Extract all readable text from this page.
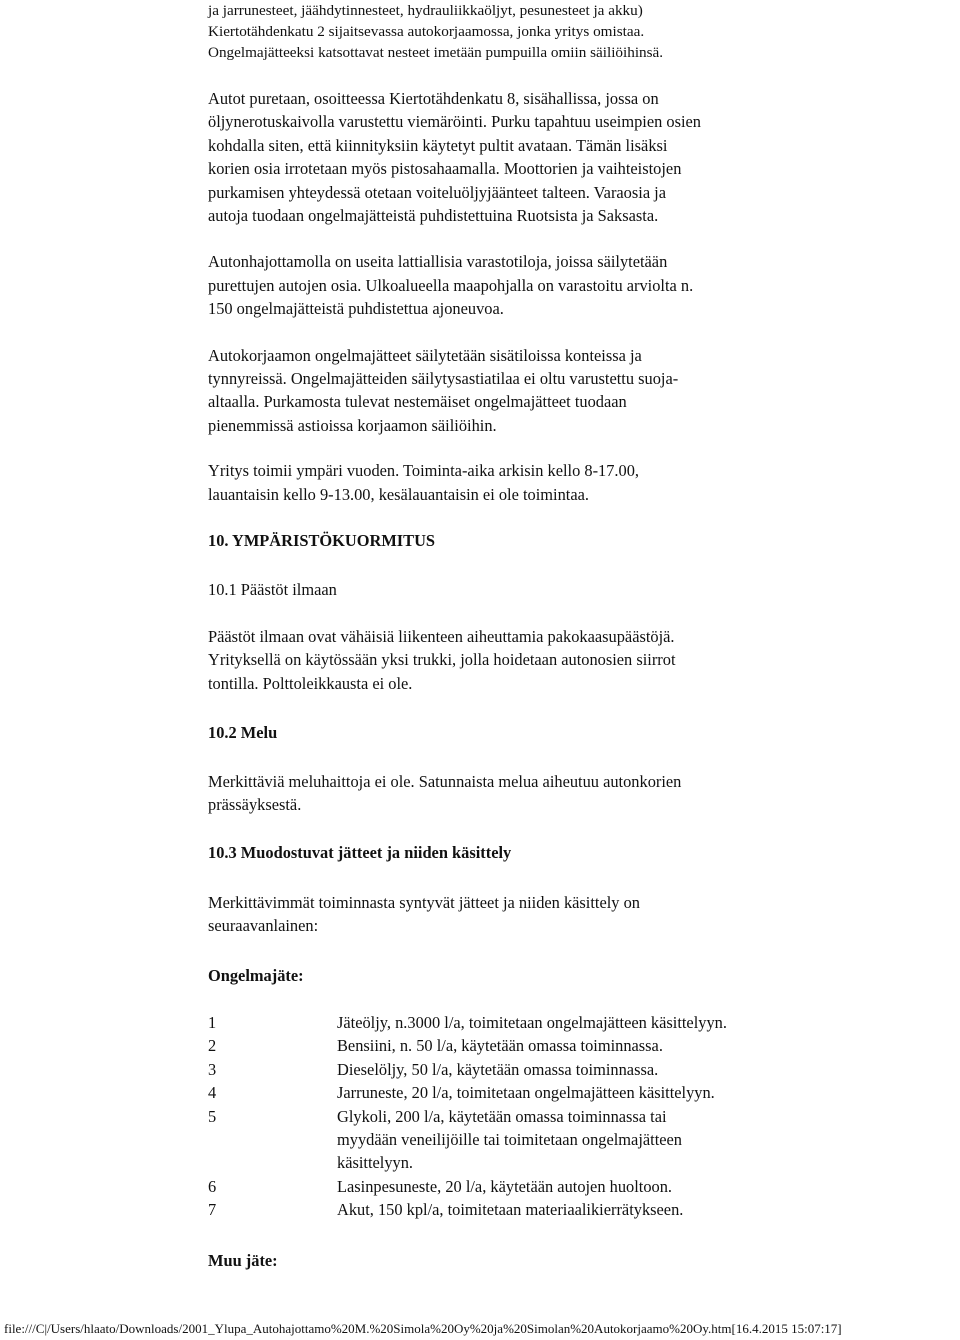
ja jarrunesteet, jäähdytinnesteet, hydrauliikkaöljyt, pesunesteet ja akku)
Kiertotähdenkatu 2 sijaitsevassa autokorjaamossa, jonka yritys omistaa.
Ongelmajätteeksi katsottavat nesteet imetään pumpuilla omiin säiliöihinsä.

Autot puretaan, osoitteessa Kiertotähdenkatu 8, sisähallissa, jossa on
öljynerotuskaivolla varustettu viemäröinti. Purku tapahtuu useimpien osien
kohdalla siten, että kiinnityksiin käytetyt pultit avataan. Tämän lisäksi
korien osia irrotetaan myös pistosahaamalla. Moottorien ja vaihteistojen
purkamisen yhteydessä otetaan voiteluöljyjäänteet talteen. Varaosia ja
autoja tuodaan ongelmajätteistä puhdistettuina Ruotsista ja Saksasta.

Autonhajottamolla on useita lattiallisia varastotiloja, joissa säilytetään
purettujen autojen osia. Ulkoalueella maapohjalla on varastoitu arviolta n.
150 ongelmajätteistä puhdistettua ajoneuvoa.

Autokorjaamon ongelmajätteet säilytetään sisätiloissa konteissa ja
tynnyreissä. Ongelmajätteiden säilytysastiatilaa ei oltu varustettu suoja-
altaalla. Purkamosta tulevat nestemäiset ongelmajätteet tuodaan
pienemmissä astioissa korjaamon säiliöihin.

Yritys toimii ympäri vuoden. Toiminta-aika arkisin kello 8-17.00,
lauantaisin kello 9-13.00, kesälauantaisin ei ole toimintaa.

10. YMPÄRISTÖKUORMITUS

10.1 Päästöt ilmaan

Päästöt ilmaan ovat vähäisiä liikenteen aiheuttamia pakokaasupäästöjä.
Yrityksellä on käytössään yksi trukki, jolla hoidetaan autonosien siirrot
tontilla. Polttoleikkausta ei ole.

10.2 Melu

Merkittäviä meluhaittoja ei ole. Satunnaista melua aiheutuu autonkorien
prässäyksestä.

10.3 Muodostuvat jätteet ja niiden käsittely

Merkittävimmät toiminnasta syntyvät jätteet ja niiden käsittely on
seuraavanlainen:

Ongelmajäte:

1	Jäteöljy, n.3000 l/a, toimitetaan ongelmajätteen käsittelyyn.
2	Bensiini, n. 50 l/a, käytetään omassa toiminnassa.
3	Dieselöljy, 50 l/a, käytetään omassa toiminnassa.
4	Jarruneste, 20 l/a, toimitetaan ongelmajätteen käsittelyyn.
5	Glykoli, 200 l/a, käytetään omassa toiminnassa tai
myydään veneilijöille tai toimitetaan ongelmajätteen
käsittelyyn.
6	Lasinpesuneste, 20 l/a, käytetään autojen huoltoon.
7	Akut, 150 kpl/a, toimitetaan materiaalikierrätykseen.

Muu jäte:

file:///C|/Users/hlaato/Downloads/2001_Ylupa_Autohajottamo%20M.%20Simola%20Oy%20ja%20Simolan%20Autokorjaamo%20Oy.htm[16.4.2015 15:07:17]
